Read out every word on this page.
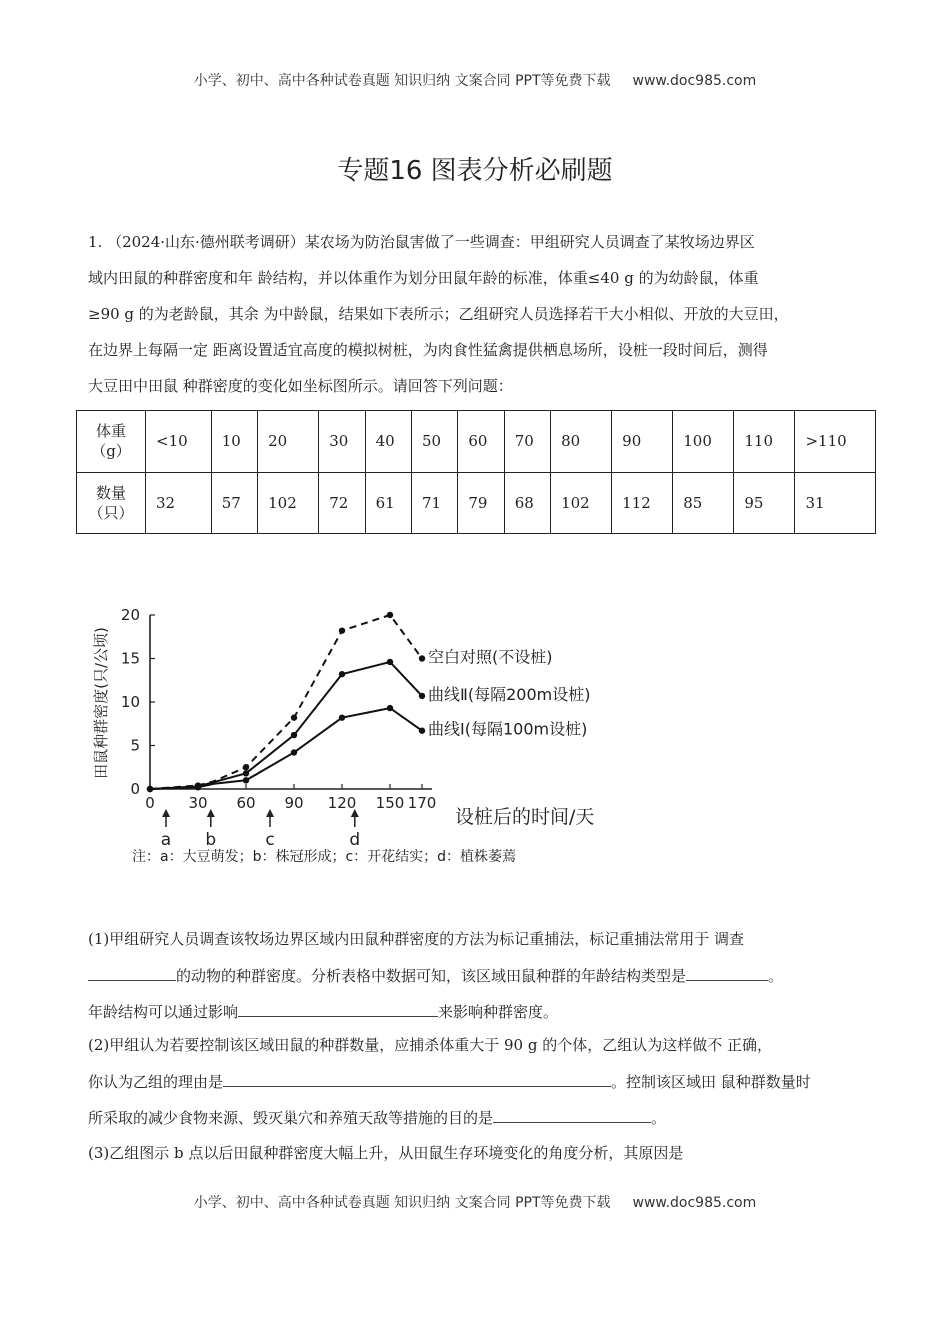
小学、初中、高中各种试卷真题 知识归纳 文案合同 PPT等免费下载 www.doc985.com
专题16 图表分析必刷题
1. （2024·山东·德州联考调研）某农场为防治鼠害做了一些调查：甲组研究人员调查了某牧场边界区
域内田鼠的种群密度和年 龄结构，并以体重作为划分田鼠年龄的标准，体重≤40 g 的为幼龄鼠，体重
≥90 g 的为老龄鼠，其余 为中龄鼠，结果如下表所示；乙组研究人员选择若干大小相似、开放的大豆田，
在边界上每隔一定 距离设置适宜高度的模拟树桩，为肉食性猛禽提供栖息场所，设桩一段时间后，测得
大豆田中田鼠 种群密度的变化如坐标图所示。请回答下列问题：
体重
（g）	<10	10	20	30	40	50	60	70	80	90	100	110	>110

数量
（只）	32	57	102	72	61	71	79	68	102	112	85	95	31
田鼠种群密度(只/公顷)
设桩后的时间/天
注：a：大豆萌发；b：株冠形成；c：开花结实；d：植株萎蔫
0
5
10
15
20
0 30 60 90 120 150 170
空白对照(不设桩)
曲线Ⅱ(每隔200m设桩)
曲线Ⅰ(每隔100m设桩)
a b	c	d
(1)甲组研究人员调查该牧场边界区域内田鼠种群密度的方法为标记重捕法，标记重捕法常用于 调查
的动物的种群密度。分析表格中数据可知，该区域田鼠种群的年龄结构类型是	。
年龄结构可以通过影响	来影响种群密度。
(2)甲组认为若要控制该区域田鼠的种群数量，应捕杀体重大于 90 g 的个体，乙组认为这样做不 正确，
你认为乙组的理由是	。控制该区域田 鼠种群数量时
所采取的减少食物来源、毁灭巢穴和养殖天敌等措施的目的是	。
(3)乙组图示 b 点以后田鼠种群密度大幅上升，从田鼠生存环境变化的角度分析，其原因是
小学、初中、高中各种试卷真题 知识归纳 文案合同 PPT等免费下载 www.doc985.com
